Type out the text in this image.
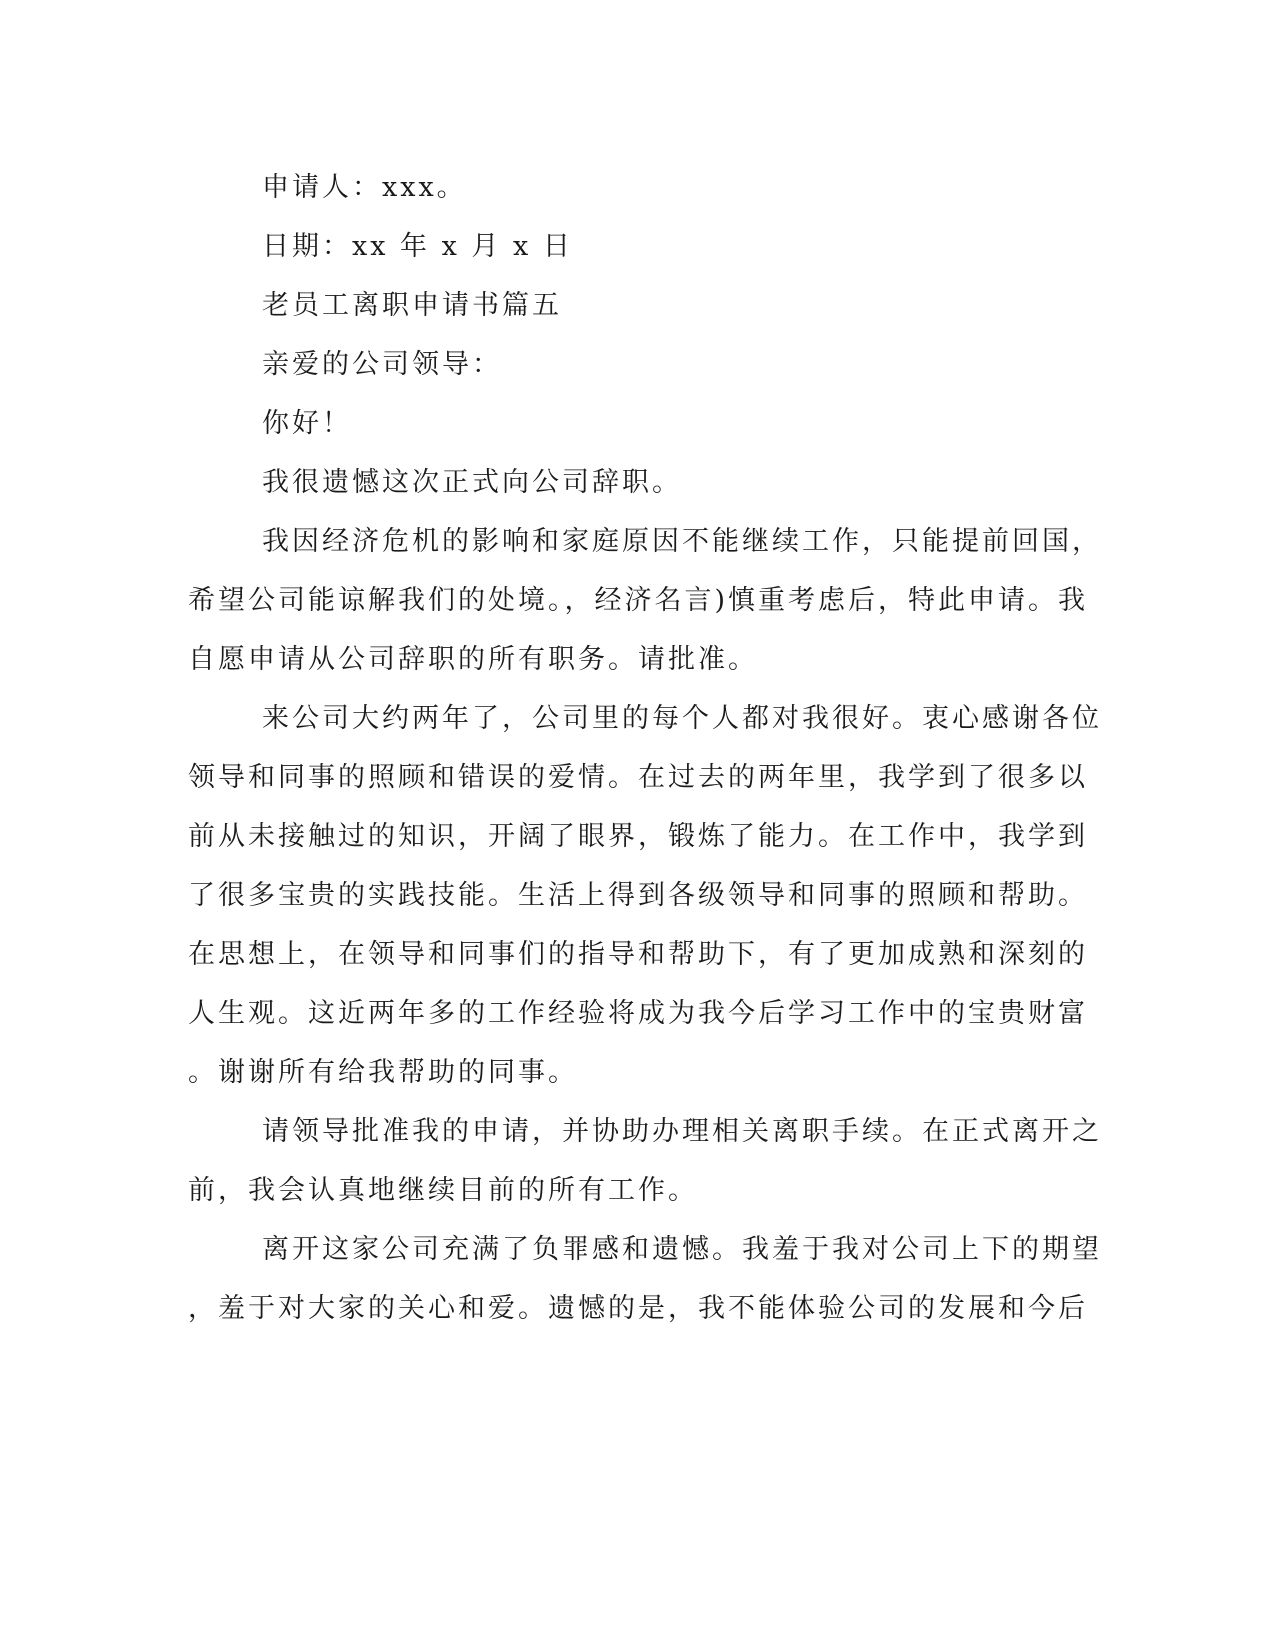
申请人：xxx。

日期：xx 年 x 月 x 日

老员工离职申请书篇五

亲爱的公司领导：

你好！

我很遗憾这次正式向公司辞职。

我因经济危机的影响和家庭原因不能继续工作，只能提前回国，

希望公司能谅解我们的处境。，经济名言)慎重考虑后，特此申请。我

自愿申请从公司辞职的所有职务。请批准。

来公司大约两年了，公司里的每个人都对我很好。衷心感谢各位

领导和同事的照顾和错误的爱情。在过去的两年里，我学到了很多以

前从未接触过的知识，开阔了眼界，锻炼了能力。在工作中，我学到

了很多宝贵的实践技能。生活上得到各级领导和同事的照顾和帮助。

在思想上，在领导和同事们的指导和帮助下，有了更加成熟和深刻的

人生观。这近两年多的工作经验将成为我今后学习工作中的宝贵财富

。谢谢所有给我帮助的同事。

请领导批准我的申请，并协助办理相关离职手续。在正式离开之

前，我会认真地继续目前的所有工作。

离开这家公司充满了负罪感和遗憾。我羞于我对公司上下的期望

，羞于对大家的关心和爱。遗憾的是，我不能体验公司的发展和今后
